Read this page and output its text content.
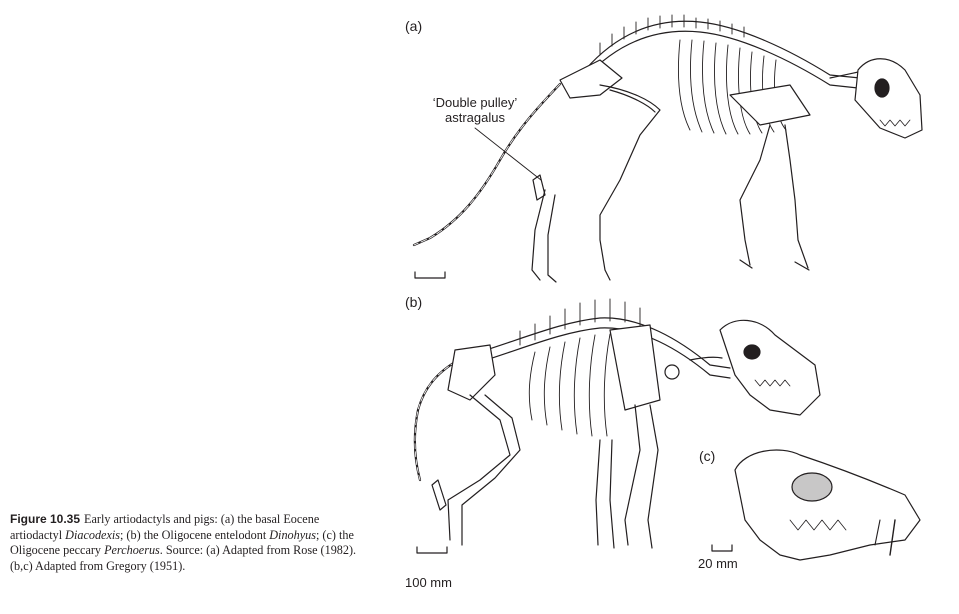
(a)
(b)
(c)
‘Double pulley’
astragalus
100 mm
20 mm
Figure 10.35 Early artiodactyls and pigs: (a) the basal Eocene artiodactyl Diacodexis; (b) the Oligocene entelodont Dinohyus; (c) the Oligocene peccary Perchoerus. Source: (a) Adapted from Rose (1982). (b,c) Adapted from Gregory (1951).
